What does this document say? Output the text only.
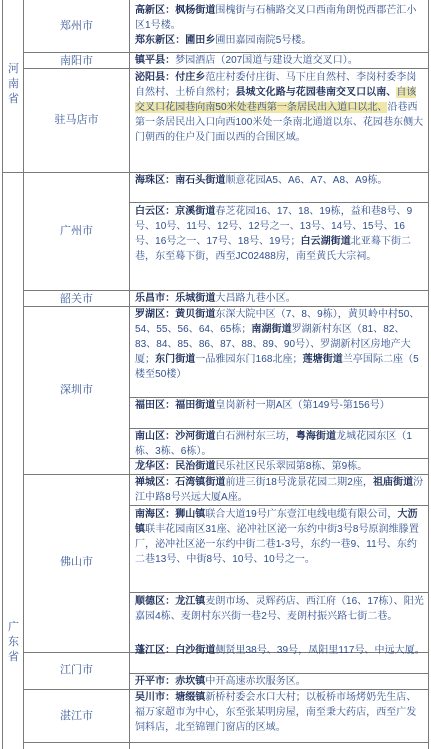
河
南
省
广
东
省
郑州市
南阳市
驻马店市
广州市
韶关市
深圳市
佛山市
江门市
湛江市

高新区：枫杨街道围槐街与石楠路交叉口西南角朗悦西郡芒汇小区1号楼。

郑东新区：圃田乡圃田嘉园南院5号楼。

镇平县：梦园酒店（207国道与建设大道交叉口）。

泌阳县：付庄乡范庄村委付庄街、马下庄自然村、李岗村委李岗自然村、土桥自然村；县城文化路与花园巷南交叉口以南、自该交叉口花园巷向南50米处巷西第一条居民出入道口以北、沿巷西第一条居民出入口向西100米处一条南北通道以东、花园巷东侧大门朝西的住户及门面以西的合围区域。

海珠区：南石头街道顺意花园A5、A6、A7、A8、A9栋。

白云区：京溪街道春芝花园16、17、18、19栋，益和巷8号、9号、10号、11号、12号、12号之一、13号、14号、15号、16号、16号之一、17号、18号、19号；白云湖街道北亚蓦下街二巷，东至蓦下街，西至JC02488房，南至黄氏大宗祠。

乐昌市：乐城街道大昌路九巷小区。

罗湖区：黄贝街道东深大院中区（7、8、9栋），黄贝岭中村50、54、55、56、64、65栋；南湖街道罗湖新村东区（81、82、83、84、85、86、87、88、89、90号）、罗湖新村区房地产大厦；东门街道一品雅园东门168北座；莲塘街道兰亭国际二座（5楼至50楼）

福田区：福田街道皇岗新村一期A区（第149号-第156号）

南山区：沙河街道白石洲村东三坊，粤海街道龙城花园东区（1栋、3栋、6栋）。

龙华区：民治街道民乐社区民乐翠园第8栋、第9栋。

禅城区：石湾镇街道前进三街18号泷景花园二期2座，祖庙街道汾江中路8号兴远大厦A座。

南海区：狮山镇联合大道19号广东壹江电线电缆有限公司，大沥镇联丰花园南区31座、泌冲社区泌一东约中街3号8号原润维滕置厂，泌冲社区泌一东约中街二巷1-3号，东约一巷9、11号、东约二巷13号、中街8号、10号、10号之一。

顺德区：龙江镇麦朗市场、灵辉药店、西江府（16、17栋）、阳光嘉园4栋、麦朗村东兴街一巷2号、麦朗村振兴路七街二巷。

蓬江区：白沙街道侧贤里38号、39号，凤阳里117号、中远大厦。

开平市：赤坎镇中开高速赤坎服务区。

吴川市：塘缀镇新桥村委会水口大村；以板桥市场烤奶先生店、福万家超市为中心，东至张某明房屋，南至秉大药店，西至广发饲料店，北至锦锂门窗店的区域。
